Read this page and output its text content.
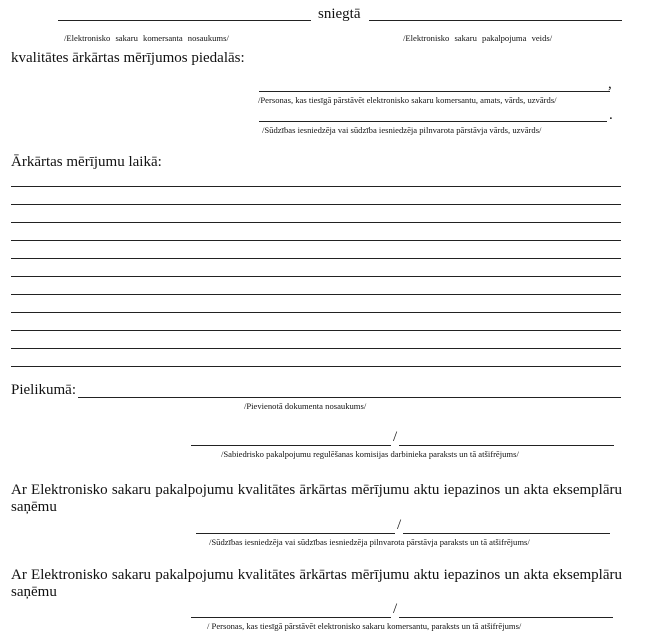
sniegtā
/Elektronisko sakaru komersanta nosaukums/	/Elektronisko sakaru pakalpojuma veids/
kvalitātes ārkārtas mērījumos piedalās:
,
/Personas, kas tiesīgā pārstāvēt elektronisko sakaru komersantu, amats, vārds, uzvārds/
.
/Sūdzības iesniedzēja vai sūdzība iesniedzēja pilnvarota pārstāvja vārds, uzvārds/
Ārkārtas mērījumu laikā:
Pielikumā:
/Pievienotā dokumenta nosaukums/
/
/Sabiedrisko pakalpojumu regulēšanas komisijas darbinieka paraksts un tā atšifrējums/
Ar Elektronisko sakaru pakalpojumu kvalitātes ārkārtas mērījumu aktu iepazinos un akta eksemplāru saņēmu
/
/Sūdzības iesniedzēja vai sūdzības iesniedzēja pilnvarota pārstāvja paraksts un tā atšifrējums/
Ar Elektronisko sakaru pakalpojumu kvalitātes ārkārtas mērījumu aktu iepazinos un akta eksemplāru saņēmu
/
/ Personas, kas tiesīgā pārstāvēt elektronisko sakaru komersantu, paraksts un tā atšifrējums/
